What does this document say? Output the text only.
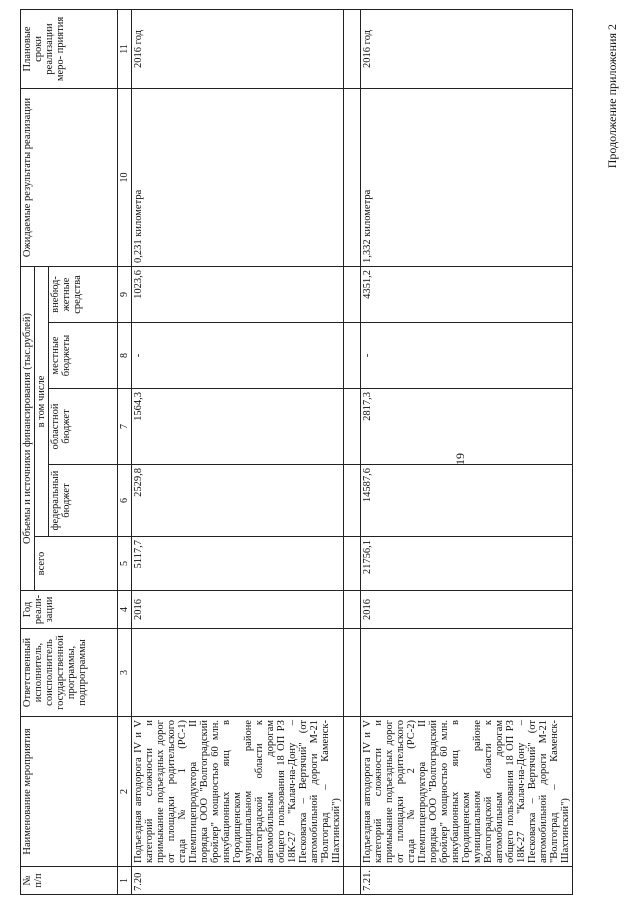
19
Продолжение приложения 2
№ п/п	Наименование мероприятия	Ответственный исполнитель, соисполнитель государственной программы, подпрограммы	Год реали- зации	Объемы и источники финансирования (тыс.рублей)					Ожидаемые результаты реализации	Плановые сроки реализации меро- приятия
				всего	в том числе					
					федеральный бюджет	областной бюджет	местные бюджеты	внебюд- жетные средства		
1	2	3	4	5	6	7	8	9	10	11
7.20	Подъездная автодорога IV и V категорий сложности и примыкание подъездных дорог от площадки родительского стада № 1 (РС-1) Племптицепродуктора II порядка ООО "Волгоградский бройлер" мощностью 60 млн. инкубационных яиц в Городищенском муниципальном районе Волгоградской области к автомобильным дорогам общего пользования 18 ОП РЗ 18К-27 "Калач-на-Дону – Песковатка – Вертячий" (от автомобильной дороги М-21 "Волгоград – Каменск-Шахтинский")		2016	5117,7	2529,8	1564,3	-	1023,6	0,231 километра	2016 год

7.21.	Подъездная автодорога IV и V категорий сложности и примыкание подъездных дорог от площадки родительского стада № 2 (РС-2) Племптицепродуктора II порядка ООО "Волгоградский бройлер" мощностью 60 млн. инкубационных яиц в Городищенском муниципальном районе Волгоградской области к автомобильным дорогам общего пользования 18 ОП РЗ 18К-27 "Калач-на-Дону – Песковатка – Вертячий" (от автомобильной дороги М-21 "Волгоград – Каменск-Шахтинский")		2016	21756,1	14587,6	2817,3	-	4351,2	1,332 километра	2016 год
